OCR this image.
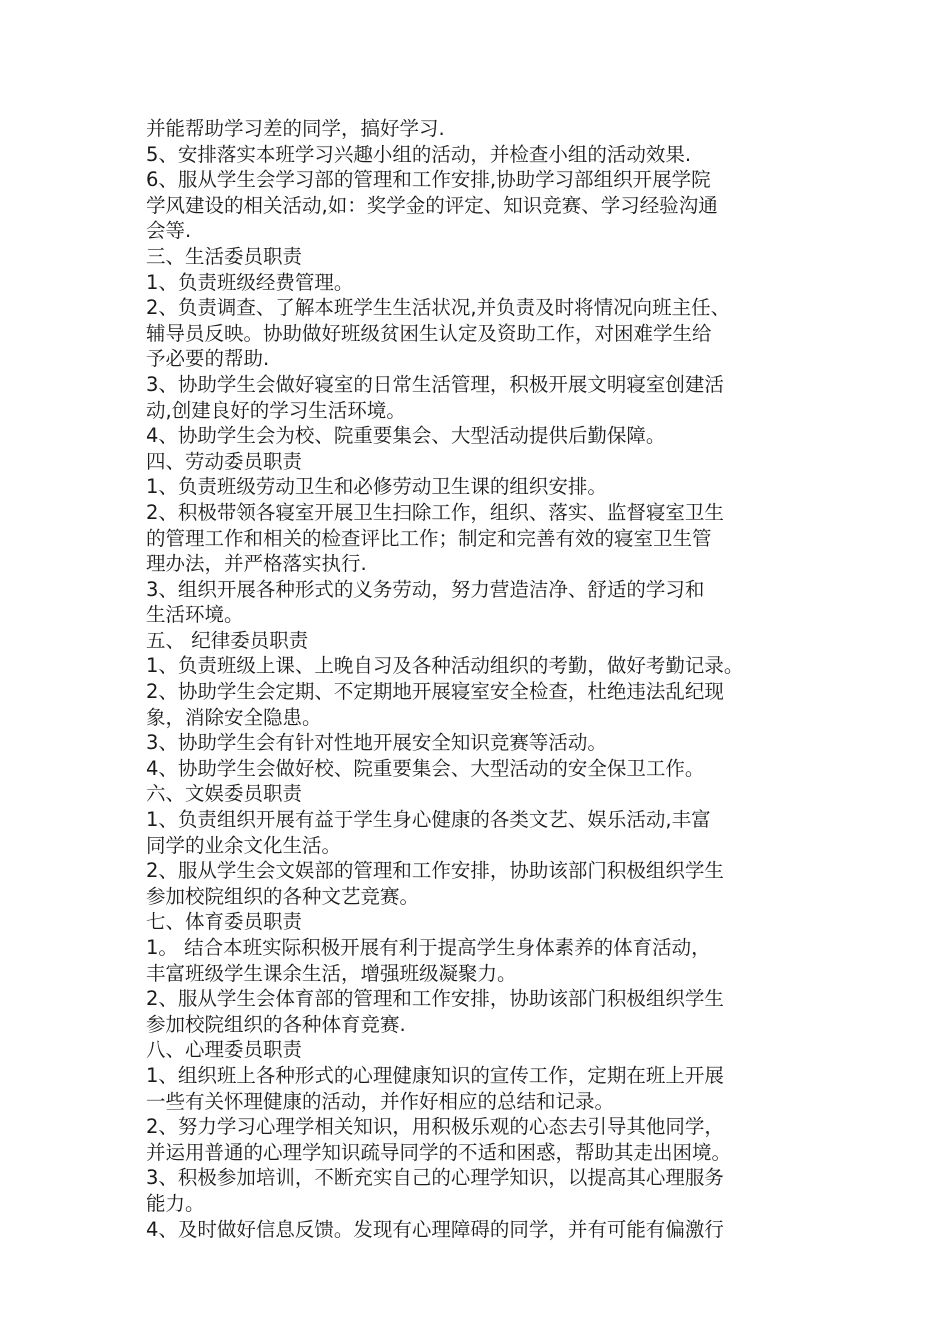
并能帮助学习差的同学，搞好学习.
5、安排落实本班学习兴趣小组的活动，并检查小组的活动效果.
6、服从学生会学习部的管理和工作安排,协助学习部组织开展学院
学风建设的相关活动,如：奖学金的评定、知识竞赛、学习经验沟通
会等.
三、生活委员职责
1、负责班级经费管理。
2、负责调查、了解本班学生生活状况,并负责及时将情况向班主任、
辅导员反映。协助做好班级贫困生认定及资助工作，对困难学生给
予必要的帮助.
3、协助学生会做好寝室的日常生活管理，积极开展文明寝室创建活
动,创建良好的学习生活环境。
4、协助学生会为校、院重要集会、大型活动提供后勤保障。
四、劳动委员职责
1、负责班级劳动卫生和必修劳动卫生课的组织安排。
2、积极带领各寝室开展卫生扫除工作，组织、落实、监督寝室卫生
的管理工作和相关的检查评比工作；制定和完善有效的寝室卫生管
理办法，并严格落实执行.
3、组织开展各种形式的义务劳动，努力营造洁净、舒适的学习和
生活环境。
五、 纪律委员职责
1、负责班级上课、上晚自习及各种活动组织的考勤，做好考勤记录。
2、协助学生会定期、不定期地开展寝室安全检查，杜绝违法乱纪现
象，消除安全隐患。
3、协助学生会有针对性地开展安全知识竞赛等活动。
4、协助学生会做好校、院重要集会、大型活动的安全保卫工作。
六、文娱委员职责
1、负责组织开展有益于学生身心健康的各类文艺、娱乐活动,丰富
同学的业余文化生活。
2、服从学生会文娱部的管理和工作安排，协助该部门积极组织学生
参加校院组织的各种文艺竞赛。
七、体育委员职责
1。 结合本班实际积极开展有利于提高学生身体素养的体育活动，
丰富班级学生课余生活，增强班级凝聚力。
2、服从学生会体育部的管理和工作安排，协助该部门积极组织学生
参加校院组织的各种体育竞赛.
八、心理委员职责
1、组织班上各种形式的心理健康知识的宣传工作，定期在班上开展
一些有关怀理健康的活动，并作好相应的总结和记录。
2、努力学习心理学相关知识，用积极乐观的心态去引导其他同学，
并运用普通的心理学知识疏导同学的不适和困惑，帮助其走出困境。
3、积极参加培训，不断充实自己的心理学知识，以提高其心理服务
能力。
4、及时做好信息反馈。发现有心理障碍的同学，并有可能有偏激行
